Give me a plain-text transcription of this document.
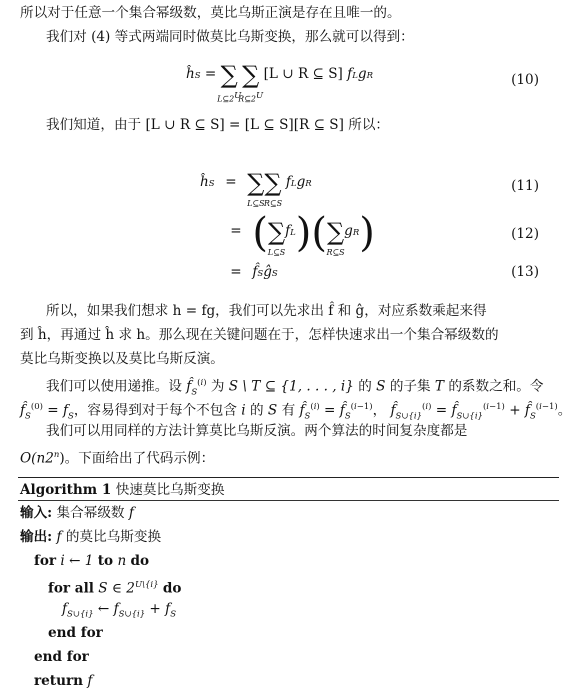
所以对于任意一个集合幂级数，莫比乌斯正演是存在且唯一的。
我们对 (4) 等式两端同时做莫比乌斯变换，那么就可以得到：
ĥS = ∑
$L⊆2^U$
∑
$R⊆2^U$
[L ∪ R ⊆ S] fLgR	(10)
我们知道，由于 [L ∪ R ⊆ S] = [L ⊆ S][R ⊆ S] 所以：
ĥS = ∑
L⊆S
∑
R⊆S
fLgR	(11)
= (∑
L⊆S
fL)(∑
R⊆S
gR)	(12)
= f̂SĝS	(13)
所以，如果我们想求 h = fg，我们可以先求出 f̂ 和 ĝ，对应系数乘起来得
到 ĥ，再通过 ĥ 求 h。那么现在关键问题在于，怎样快速求出一个集合幂级数的
莫比乌斯变换以及莫比乌斯反演。
我们可以使用递推。设 $f̂_S^{(i)}$ 为 S \ T ⊆ {1, . . . , i} 的 S 的子集 T 的系数之和。令
$f̂_S^{(0)} = f_S$，容易得到对于每个不包含 i 的 S 有 $f̂_S^{(i)}$ = $f̂_S^{(i-1)}$， $f̂_{S\cup\{i\}}^{(i)}$ = $f̂_{S\cup\{i\}}^{(i-1)}$ + $f̂_S^{(i-1)}$。
我们可以用同样的方法计算莫比乌斯反演。两个算法的时间复杂度都是
O(n2$^n$)。下面给出了代码示例：
Algorithm 1 快速莫比乌斯变换
输入: 集合幂级数 f
输出: f 的莫比乌斯变换
for i ← 1 to n do
for all S ∈ $2^{U\backslash\{i\}}$ do
$f_{S\cup\{i\}}$ ← $f_{S\cup\{i\}} + f_S$
end for
end for
return f
